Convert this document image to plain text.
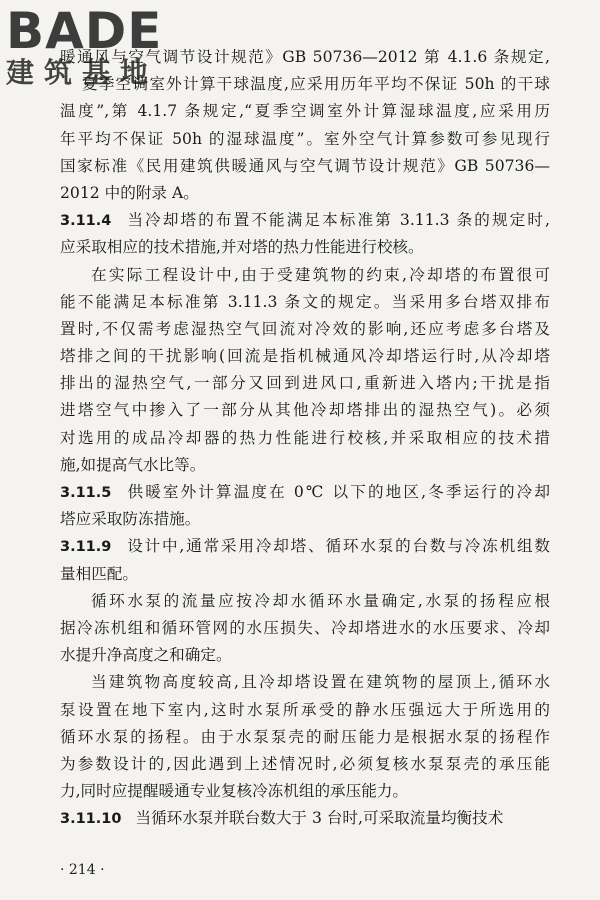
BADE
建筑基地
暖通风与空气调节设计规范》GB 50736—2012 第 4.1.6 条规定,
夏季空调室外计算干球温度,应采用历年平均不保证 50h 的干球
温度”,第 4.1.7 条规定,“夏季空调室外计算湿球温度,应采用历
年平均不保证 50h 的湿球温度”。室外空气计算参数可参见现行
国家标准《民用建筑供暖通风与空气调节设计规范》GB 50736—
2012 中的附录 A。
3.11.4 当冷却塔的布置不能满足本标准第 3.11.3 条的规定时,
应采取相应的技术措施,并对塔的热力性能进行校核。
在实际工程设计中,由于受建筑物的约束,冷却塔的布置很可
能不能满足本标准第 3.11.3 条文的规定。当采用多台塔双排布
置时,不仅需考虑湿热空气回流对冷效的影响,还应考虑多台塔及
塔排之间的干扰影响(回流是指机械通风冷却塔运行时,从冷却塔
排出的湿热空气,一部分又回到进风口,重新进入塔内;干扰是指
进塔空气中掺入了一部分从其他冷却塔排出的湿热空气)。必须
对选用的成品冷却器的热力性能进行校核,并采取相应的技术措
施,如提高气水比等。
3.11.5 供暖室外计算温度在 0℃ 以下的地区,冬季运行的冷却
塔应采取防冻措施。
3.11.9 设计中,通常采用冷却塔、循环水泵的台数与冷冻机组数
量相匹配。
循环水泵的流量应按冷却水循环水量确定,水泵的扬程应根
据冷冻机组和循环管网的水压损失、冷却塔进水的水压要求、冷却
水提升净高度之和确定。
当建筑物高度较高,且冷却塔设置在建筑物的屋顶上,循环水
泵设置在地下室内,这时水泵所承受的静水压强远大于所选用的
循环水泵的扬程。由于水泵泵壳的耐压能力是根据水泵的扬程作
为参数设计的,因此遇到上述情况时,必须复核水泵泵壳的承压能
力,同时应提醒暖通专业复核冷冻机组的承压能力。
3.11.10 当循环水泵并联台数大于 3 台时,可采取流量均衡技术
· 214 ·
